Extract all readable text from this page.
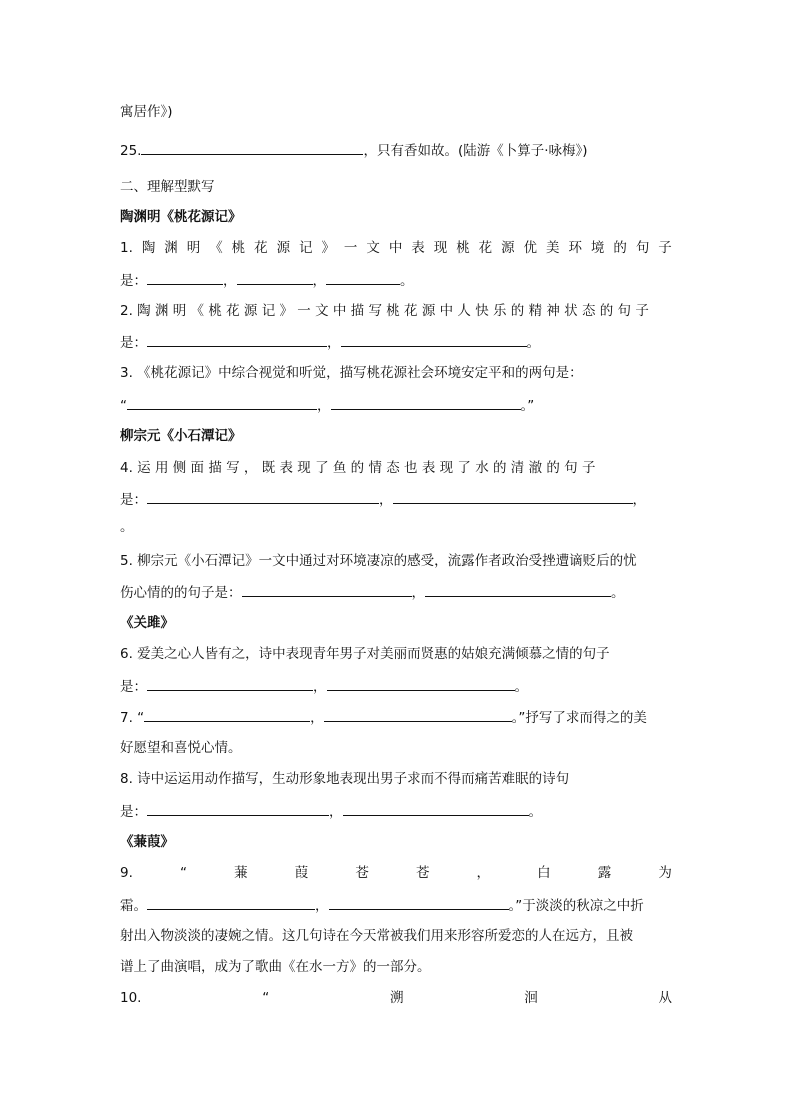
寓居作》)
25.	，只有香如故。(陆游《卜算子·咏梅》)
二、理解型默写
陶渊明《桃花源记》
1. 陶 渊 明 《 桃 花 源 记 》 一 文 中 表 现 桃 花 源 优 美 环 境 的 句 子
是：	，	，	。
2. 陶 渊 明 《 桃 花 源 记 》 一 文 中 描 写 桃 花 源 中 人 快 乐 的 精 神 状 态 的 句 子
是：	，	。
3. 《桃花源记》中综合视觉和听觉，描写桃花源社会环境安定平和的两句是：
“	，	。”
柳宗元《小石潭记》
4. 运 用 侧 面 描 写 ， 既 表 现 了 鱼 的 情 态 也 表 现 了 水 的 清 澈 的 句 子
是：	，	，
。
5. 柳宗元《小石潭记》一文中通过对环境凄凉的感受，流露作者政治受挫遭谪贬后的忧
伤心情的的句子是：	，	。
《关雎》
6. 爱美之心人皆有之，诗中表现青年男子对美丽而贤惠的姑娘充满倾慕之情的句子
是：	，	。
7. “	，	。”抒写了求而得之的美
好愿望和喜悦心情。
8. 诗中运运用动作描写，生动形象地表现出男子求而不得而痛苦难眠的诗句
是：	，	。
《蒹葭》
9.	“	蒹	葭	苍	苍	，	白	露	为
霜。	，	。”于淡淡的秋凉之中折
射出入物淡淡的凄婉之情。这几句诗在今天常被我们用来形容所爱恋的人在远方，且被
谱上了曲演唱，成为了歌曲《在水一方》的一部分。
10.	“	溯	洄	从
